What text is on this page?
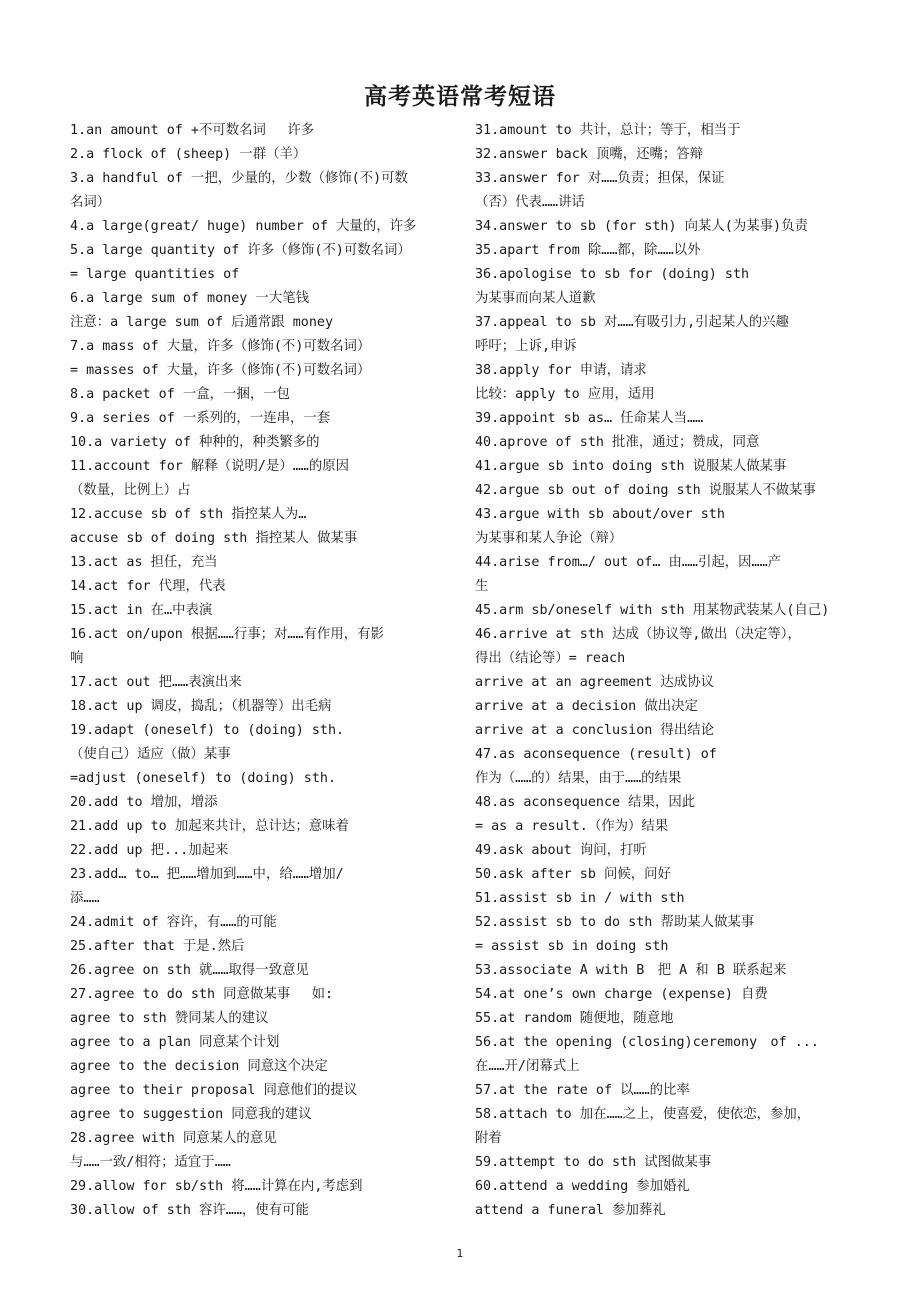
高考英语常考短语
1.an amount of +不可数名词　 许多
2.a flock of (sheep) 一群（羊）
3.a handful of 一把，少量的，少数（修饰(不)可数
名词）
4.a large(great/ huge) number of 大量的，许多
5.a large quantity of 许多（修饰(不)可数名词）
= large quantities of
6.a large sum of money 一大笔钱
注意：a large sum of 后通常跟 money
7.a mass of 大量，许多（修饰(不)可数名词）
= masses of 大量，许多（修饰(不)可数名词）
8.a packet of 一盒，一捆，一包
9.a series of 一系列的，一连串，一套
10.a variety of 种种的，种类繁多的
11.account for 解释（说明/是）……的原因
（数量，比例上）占
12.accuse sb of sth 指控某人为…
accuse sb of doing sth 指控某人 做某事
13.act as 担任，充当
14.act for 代理，代表
15.act in 在…中表演
16.act on/upon 根据……行事；对……有作用，有影
响
17.act out 把……表演出来
18.act up 调皮，捣乱；（机器等）出毛病
19.adapt (oneself) to (doing) sth.
（使自己）适应（做）某事
=adjust (oneself) to (doing) sth.
20.add to 增加，增添
21.add up to 加起来共计，总计达；意味着
22.add up 把...加起来
23.add… to… 把……增加到……中，给……增加/
添……
24.admit of 容许，有……的可能
25.after that 于是.然后
26.agree on sth 就……取得一致意见
27.agree to do sth 同意做某事　 如:
agree to sth 赞同某人的建议
agree to a plan 同意某个计划
agree to the decision 同意这个决定
agree to their proposal 同意他们的提议
agree to suggestion 同意我的建议
28.agree with 同意某人的意见
与……一致/相符；适宜于……
29.allow for sb/sth 将……计算在内,考虑到
30.allow of sth 容许……，使有可能
31.amount to 共计，总计；等于，相当于
32.answer back 顶嘴，还嘴；答辩
33.answer for 对……负责；担保，保证
（否）代表……讲话
34.answer to sb (for sth) 向某人(为某事)负责
35.apart from 除……都，除……以外
36.apologise to sb for (doing) sth
为某事而向某人道歉
37.appeal to sb 对……有吸引力,引起某人的兴趣
呼吁；上诉,申诉
38.apply for 申请，请求
比较：apply to 应用，适用
39.appoint sb as… 任命某人当……
40.aprove of sth 批准，通过；赞成，同意
41.argue sb into doing sth 说服某人做某事
42.argue sb out of doing sth 说服某人不做某事
43.argue with sb about/over sth
为某事和某人争论（辩）
44.arise from…/ out of… 由……引起，因……产
生
45.arm sb/oneself with sth 用某物武装某人(自己)
46.arrive at sth 达成（协议等,做出（决定等），
得出（结论等）= reach
arrive at an agreement 达成协议
arrive at a decision 做出决定
arrive at a conclusion 得出结论
47.as aconsequence (result) of
作为（……的）结果，由于……的结果
48.as aconsequence 结果，因此
= as a result.（作为）结果
49.ask about 询问，打听
50.ask after sb 问候，问好
51.assist sb in / with sth
52.assist sb to do sth 帮助某人做某事
= assist sb in doing sth
53.associate A with B　把 A 和 B 联系起来
54.at one’s own charge (expense) 自费
55.at random 随便地，随意地
56.at the opening (closing)ceremony　of ...
在……开/闭幕式上
57.at the rate of 以……的比率
58.attach to 加在……之上，使喜爱，使依恋，参加，
附着
59.attempt to do sth 试图做某事
60.attend a wedding 参加婚礼
attend a funeral 参加葬礼
1
